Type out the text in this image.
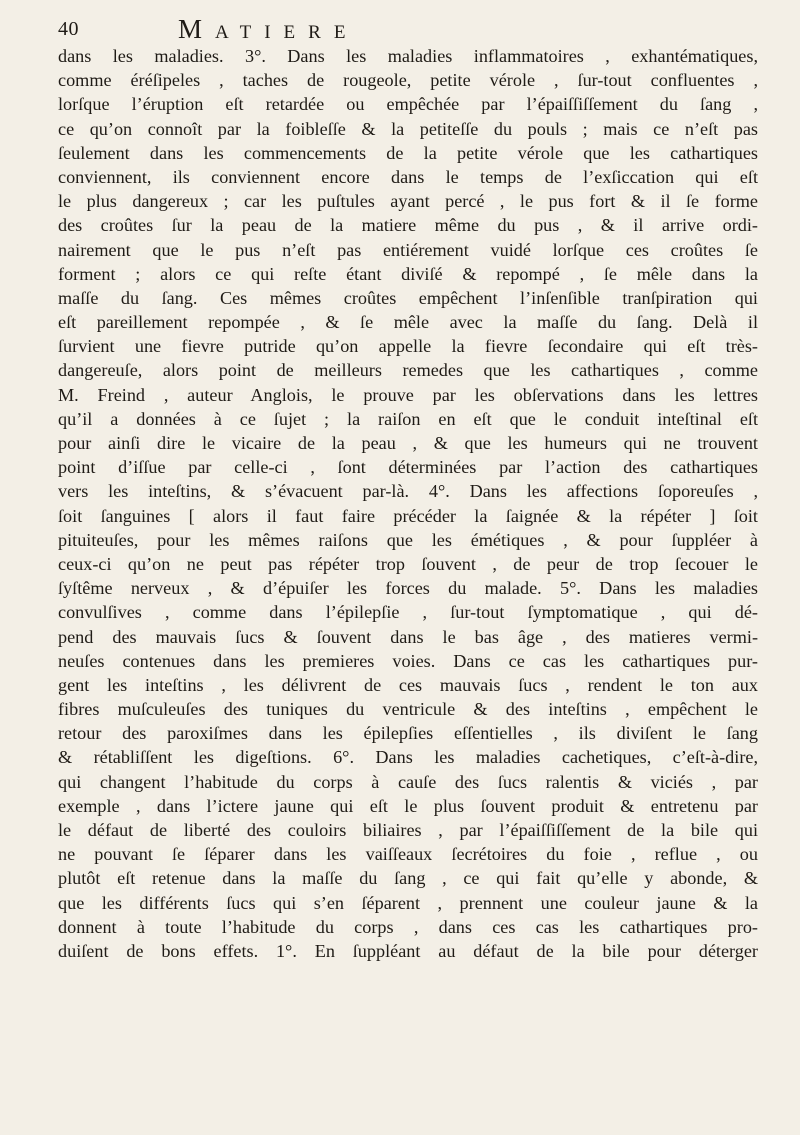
40	Matiere
dans les maladies. 3°. Dans les maladies inflammatoires , exhantématiques,
comme éréſipeles , taches de rougeole, petite vérole , ſur-tout confluentes ,
lorſque l’éruption eſt retardée ou empêchée par l’épaiſſiſſement du ſang ,
ce qu’on connoît par la foibleſſe & la petiteſſe du pouls ; mais ce n’eſt pas
ſeulement dans les commencements de la petite vérole que les cathartiques
conviennent, ils conviennent encore dans le temps de l’exſiccation qui eſt
le plus dangereux ; car les puſtules ayant percé , le pus fort & il ſe forme
des croûtes ſur la peau de la matiere même du pus , & il arrive ordi-
nairement que le pus n’eſt pas entiérement vuidé lorſque ces croûtes ſe
forment ; alors ce qui reſte étant diviſé & repompé , ſe mêle dans la
maſſe du ſang. Ces mêmes croûtes empêchent l’inſenſible tranſpiration qui
eſt pareillement repompée , & ſe mêle avec la maſſe du ſang. Delà il
ſurvient une fievre putride qu’on appelle la fievre ſecondaire qui eſt très-
dangereuſe, alors point de meilleurs remedes que les cathartiques , comme
M. Freind , auteur Anglois, le prouve par les obſervations dans les lettres
qu’il a données à ce ſujet ; la raiſon en eſt que le conduit inteſtinal eſt
pour ainſi dire le vicaire de la peau , & que les humeurs qui ne trouvent
point d’iſſue par celle-ci , ſont déterminées par l’action des cathartiques
vers les inteſtins, & s’évacuent par-là. 4°. Dans les affections ſoporeuſes ,
ſoit ſanguines [ alors il faut faire précéder la ſaignée & la répéter ] ſoit
pituiteuſes, pour les mêmes raiſons que les émétiques , & pour ſuppléer à
ceux-ci qu’on ne peut pas répéter trop ſouvent , de peur de trop ſecouer le
ſyſtême nerveux , & d’épuiſer les forces du malade. 5°. Dans les maladies
convulſives , comme dans l’épilepſie , ſur-tout ſymptomatique , qui dé-
pend des mauvais ſucs & ſouvent dans le bas âge , des matieres vermi-
neuſes contenues dans les premieres voies. Dans ce cas les cathartiques pur-
gent les inteſtins , les délivrent de ces mauvais ſucs , rendent le ton aux
fibres muſculeuſes des tuniques du ventricule & des inteſtins , empêchent le
retour des paroxiſmes dans les épilepſies eſſentielles , ils diviſent le ſang
& rétabliſſent les digeſtions. 6°. Dans les maladies cachetiques, c’eſt-à-dire,
qui changent l’habitude du corps à cauſe des ſucs ralentis & viciés , par
exemple , dans l’ictere jaune qui eſt le plus ſouvent produit & entretenu par
le défaut de liberté des couloirs biliaires , par l’épaiſſiſſement de la bile qui
ne pouvant ſe ſéparer dans les vaiſſeaux ſecrétoires du foie , reflue , ou
plutôt eſt retenue dans la maſſe du ſang , ce qui fait qu’elle y abonde, &
que les différents ſucs qui s’en ſéparent , prennent une couleur jaune & la
donnent à toute l’habitude du corps , dans ces cas les cathartiques pro-
duiſent de bons effets. 1°. En ſuppléant au défaut de la bile pour déterger
